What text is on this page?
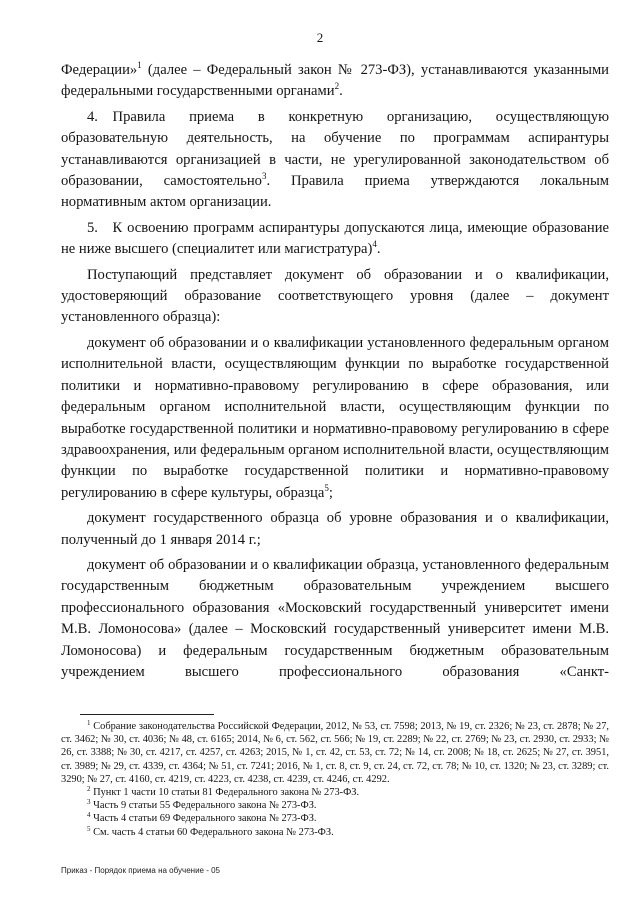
2

Федерации»$^1$ (далее – Федеральный закон № 273-ФЗ), устанавливаются указанными федеральными государственными органами$^2$.

4. Правила приема в конкретную организацию, осуществляющую образовательную деятельность, на обучение по программам аспирантуры устанавливаются организацией в части, не урегулированной законодательством об образовании, самостоятельно$^3$. Правила приема утверждаются локальным нормативным актом организации.

5. К освоению программ аспирантуры допускаются лица, имеющие образование не ниже высшего (специалитет или магистратура)$^4$.

Поступающий представляет документ об образовании и о квалификации, удостоверяющий образование соответствующего уровня (далее – документ установленного образца):

документ об образовании и о квалификации установленного федеральным органом исполнительной власти, осуществляющим функции по выработке государственной политики и нормативно-правовому регулированию в сфере образования, или федеральным органом исполнительной власти, осуществляющим функции по выработке государственной политики и нормативно-правовому регулированию в сфере здравоохранения, или федеральным органом исполнительной власти, осуществляющим функции по выработке государственной политики и нормативно-правовому регулированию в сфере культуры, образца$^5$;

документ государственного образца об уровне образования и о квалификации, полученный до 1 января 2014 г.;

документ об образовании и о квалификации образца, установленного федеральным государственным бюджетным образовательным учреждением высшего профессионального образования «Московский государственный университет имени М.В. Ломоносова» (далее – Московский государственный университет имени М.В. Ломоносова) и федеральным государственным бюджетным образовательным учреждением высшего профессионального образования «Санкт-

$^1$ Собрание законодательства Российской Федерации, 2012, № 53, ст. 7598; 2013, № 19, ст. 2326; № 23, ст. 2878; № 27, ст. 3462; № 30, ст. 4036; № 48, ст. 6165; 2014, № 6, ст. 562, ст. 566; № 19, ст. 2289; № 22, ст. 2769; № 23, ст. 2930, ст. 2933; № 26, ст. 3388; № 30, ст. 4217, ст. 4257, ст. 4263; 2015, № 1, ст. 42, ст. 53, ст. 72; № 14, ст. 2008; № 18, ст. 2625; № 27, ст. 3951, ст. 3989; № 29, ст. 4339, ст. 4364; № 51, ст. 7241; 2016, № 1, ст. 8, ст. 9, ст. 24, ст. 72, ст. 78; № 10, ст. 1320; № 23, ст. 3289; ст. 3290; № 27, ст. 4160, ст. 4219, ст. 4223, ст. 4238, ст. 4239, ст. 4246, ст. 4292.

$^2$ Пункт 1 части 10 статьи 81 Федерального закона № 273-ФЗ.

$^3$ Часть 9 статьи 55 Федерального закона № 273-ФЗ.

$^4$ Часть 4 статьи 69 Федерального закона № 273-ФЗ.

$^5$ См. часть 4 статьи 60 Федерального закона № 273-ФЗ.

Приказ - Порядок приема на обучение - 05
